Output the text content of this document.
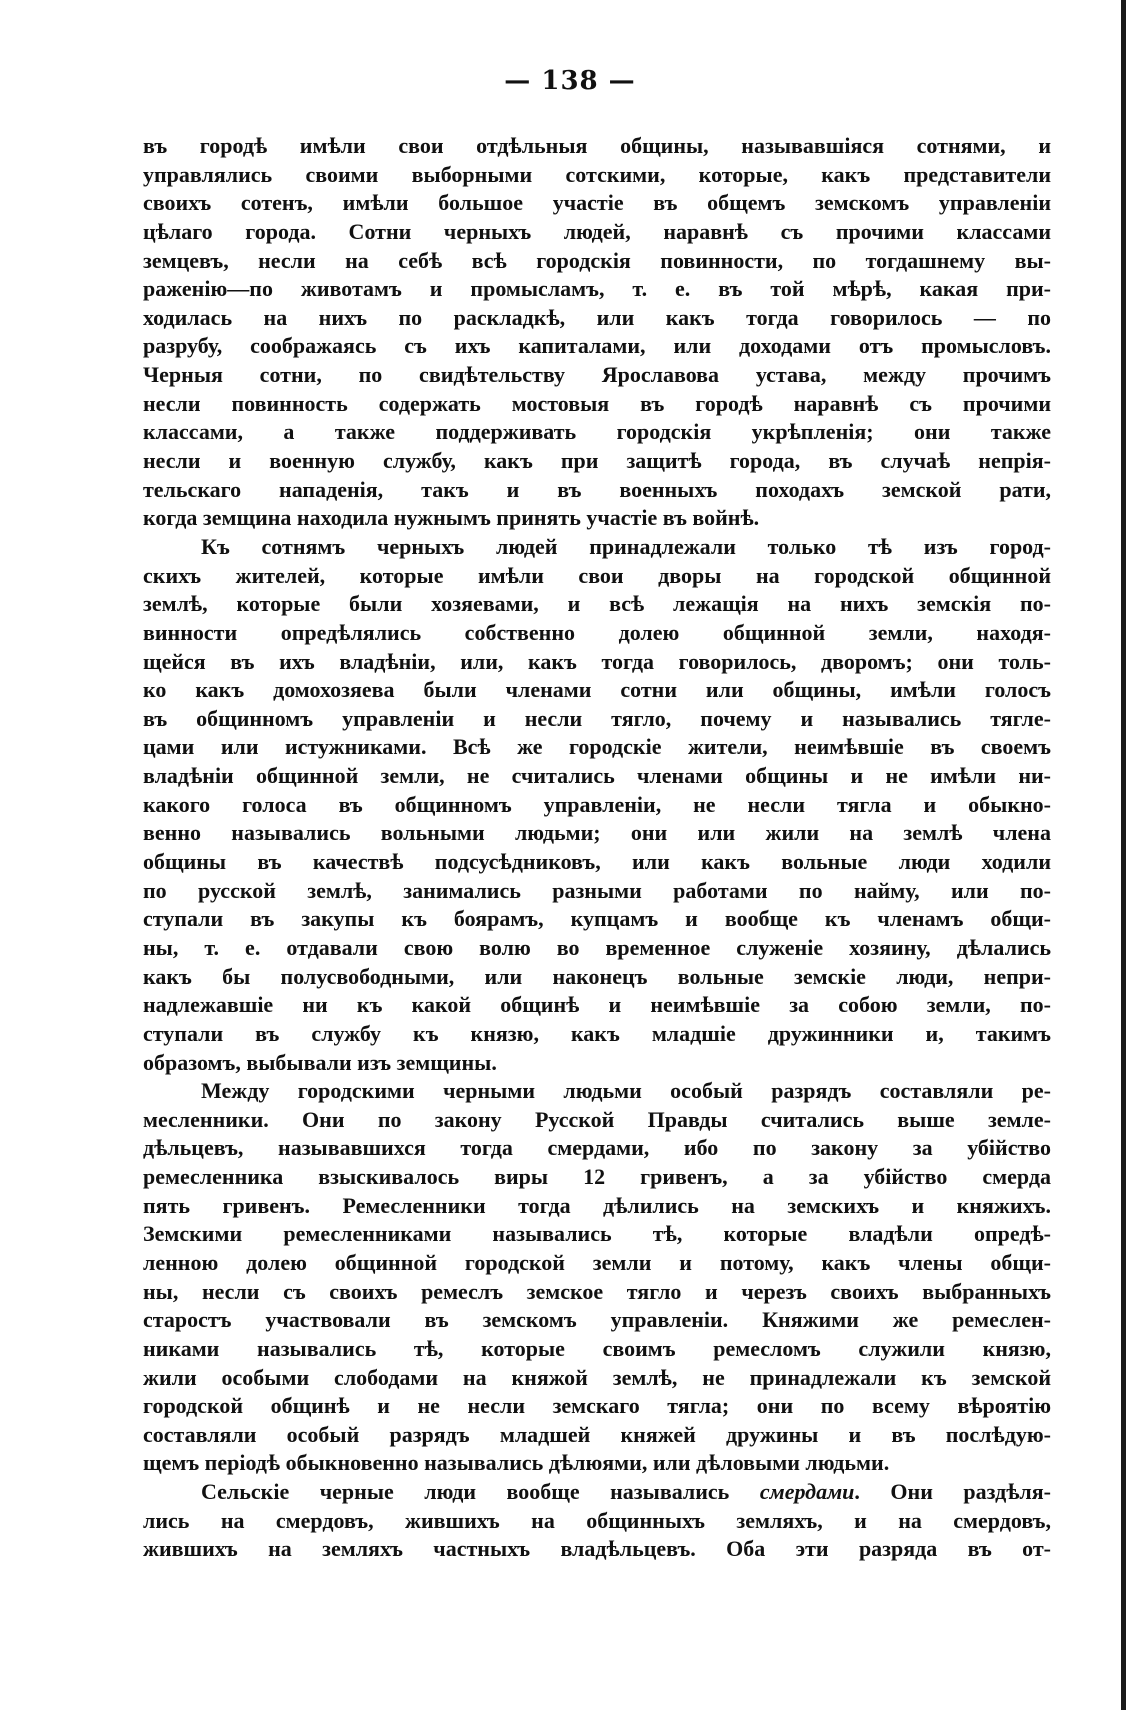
— 138 —
въ городѣ имѣли свои отдѣльныя общины, называвшіяся сотнями, и
управлялись своими выборными сотскими, которые, какъ представители
своихъ сотенъ, имѣли большое участіе въ общемъ земскомъ управленіи
цѣлаго города. Сотни черныхъ людей, наравнѣ съ прочими классами
земцевъ, несли на себѣ всѣ городскія повинности, по тогдашнему вы-
раженію—по животамъ и промысламъ, т. е. въ той мѣрѣ, какая при-
ходилась на нихъ по раскладкѣ, или какъ тогда говорилось — по
разрубу, соображаясь съ ихъ капиталами, или доходами отъ промысловъ.
Черныя сотни, по свидѣтельству Ярославова устава, между прочимъ
несли повинность содержать мостовыя въ городѣ наравнѣ съ прочими
классами, а также поддерживать городскія укрѣпленія; они также
несли и военную службу, какъ при защитѣ города, въ случаѣ непрія-
тельскаго нападенія, такъ и въ военныхъ походахъ земской рати,
когда земщина находила нужнымъ принять участіе въ войнѣ.
Къ сотнямъ черныхъ людей принадлежали только тѣ изъ город-
скихъ жителей, которые имѣли свои дворы на городской общинной
землѣ, которые были хозяевами, и всѣ лежащія на нихъ земскія по-
винности опредѣлялись собственно долею общинной земли, находя-
щейся въ ихъ владѣніи, или, какъ тогда говорилось, дворомъ; они толь-
ко какъ домохозяева были членами сотни или общины, имѣли голосъ
въ общинномъ управленіи и несли тягло, почему и назывались тягле-
цами или истужниками. Всѣ же городскіе жители, неимѣвшіе въ своемъ
владѣніи общинной земли, не считались членами общины и не имѣли ни-
какого голоса въ общинномъ управленіи, не несли тягла и обыкно-
венно назывались вольными людьми; они или жили на землѣ члена
общины въ качествѣ подсусѣдниковъ, или какъ вольные люди ходили
по русской землѣ, занимались разными работами по найму, или по-
ступали въ закупы къ боярамъ, купцамъ и вообще къ членамъ общи-
ны, т. е. отдавали свою волю во временное служеніе хозяину, дѣлались
какъ бы полусвободными, или наконецъ вольные земскіе люди, непри-
надлежавшіе ни къ какой общинѣ и неимѣвшіе за собою земли, по-
ступали въ службу къ князю, какъ младшіе дружинники и, такимъ
образомъ, выбывали изъ земщины.
Между городскими черными людьми особый разрядъ составляли ре-
месленники. Они по закону Русской Правды считались выше земле-
дѣльцевъ, называвшихся тогда смердами, ибо по закону за убійство
ремесленника взыскивалось виры 12 гривенъ, а за убійство смерда
пять гривенъ. Ремесленники тогда дѣлились на земскихъ и княжихъ.
Земскими ремесленниками назывались тѣ, которые владѣли опредѣ-
ленною долею общинной городской земли и потому, какъ члены общи-
ны, несли съ своихъ ремеслъ земское тягло и черезъ своихъ выбранныхъ
старостъ участвовали въ земскомъ управленіи. Княжими же ремеслен-
никами назывались тѣ, которые своимъ ремесломъ служили князю,
жили особыми слободами на княжой землѣ, не принадлежали къ земской
городской общинѣ и не несли земскаго тягла; они по всему вѣроятію
составляли особый разрядъ младшей княжей дружины и въ послѣдую-
щемъ періодѣ обыкновенно назывались дѣлюями, или дѣловыми людьми.
Сельскіе черные люди вообще назывались смердами. Они раздѣля-
лись на смердовъ, жившихъ на общинныхъ земляхъ, и на смердовъ,
жившихъ на земляхъ частныхъ владѣльцевъ. Оба эти разряда въ от-
